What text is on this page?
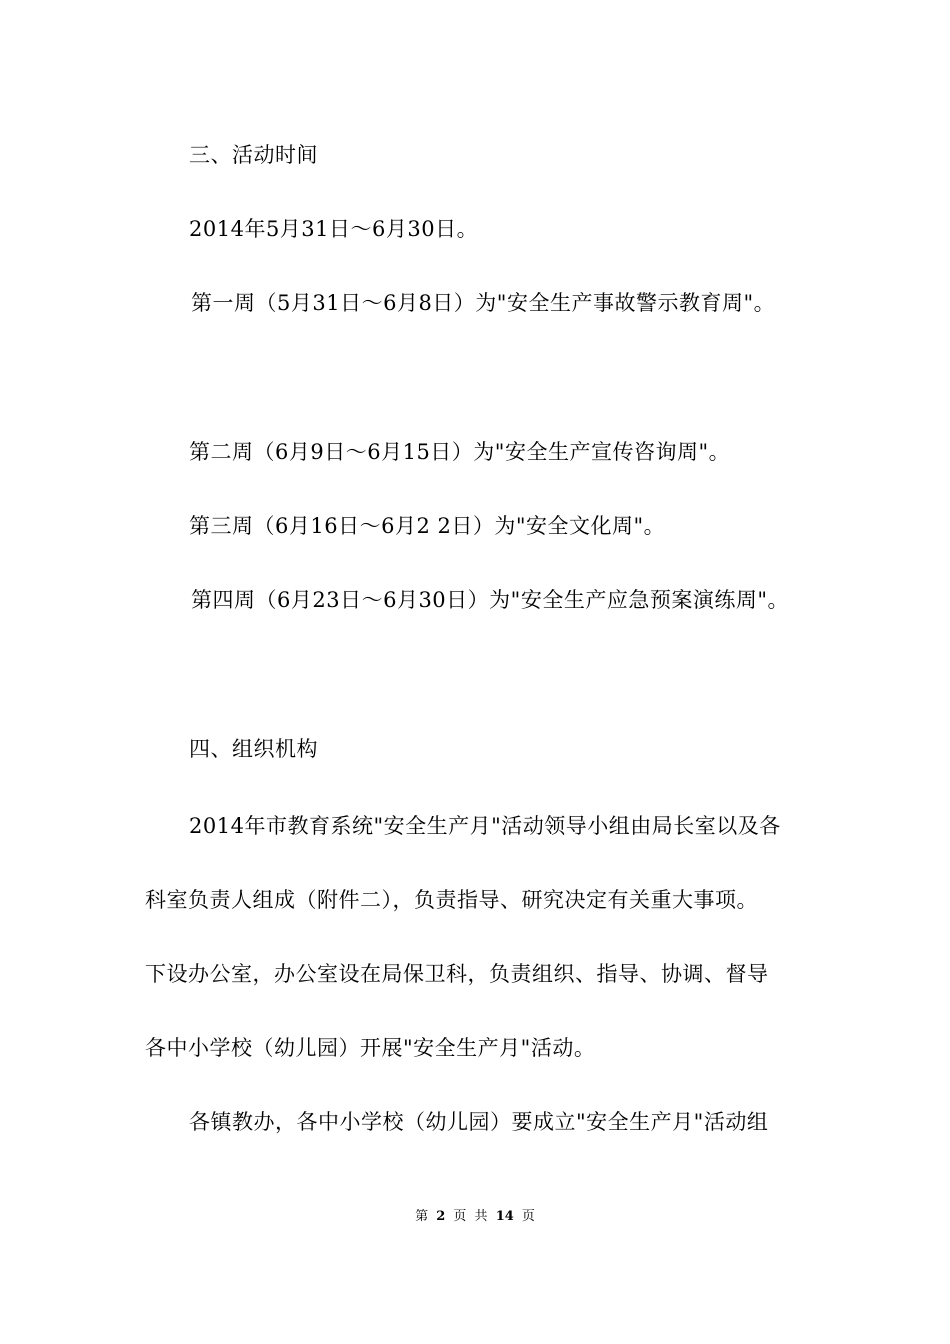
三、活动时间
2014年5月31日～6月30日。
第一周（5月31日～6月8日）为"安全生产事故警示教育周"。
第二周（6月9日～6月15日）为"安全生产宣传咨询周"。
第三周（6月16日～6月2 2日）为"安全文化周"。
第四周（6月23日～6月30日）为"安全生产应急预案演练周"。
四、组织机构
2014年市教育系统"安全生产月"活动领导小组由局长室以及各
科室负责人组成（附件二），负责指导、研究决定有关重大事项。
下设办公室，办公室设在局保卫科，负责组织、指导、协调、督导
各中小学校（幼儿园）开展"安全生产月"活动。
各镇教办，各中小学校（幼儿园）要成立"安全生产月"活动组
第 2 页 共 14 页
